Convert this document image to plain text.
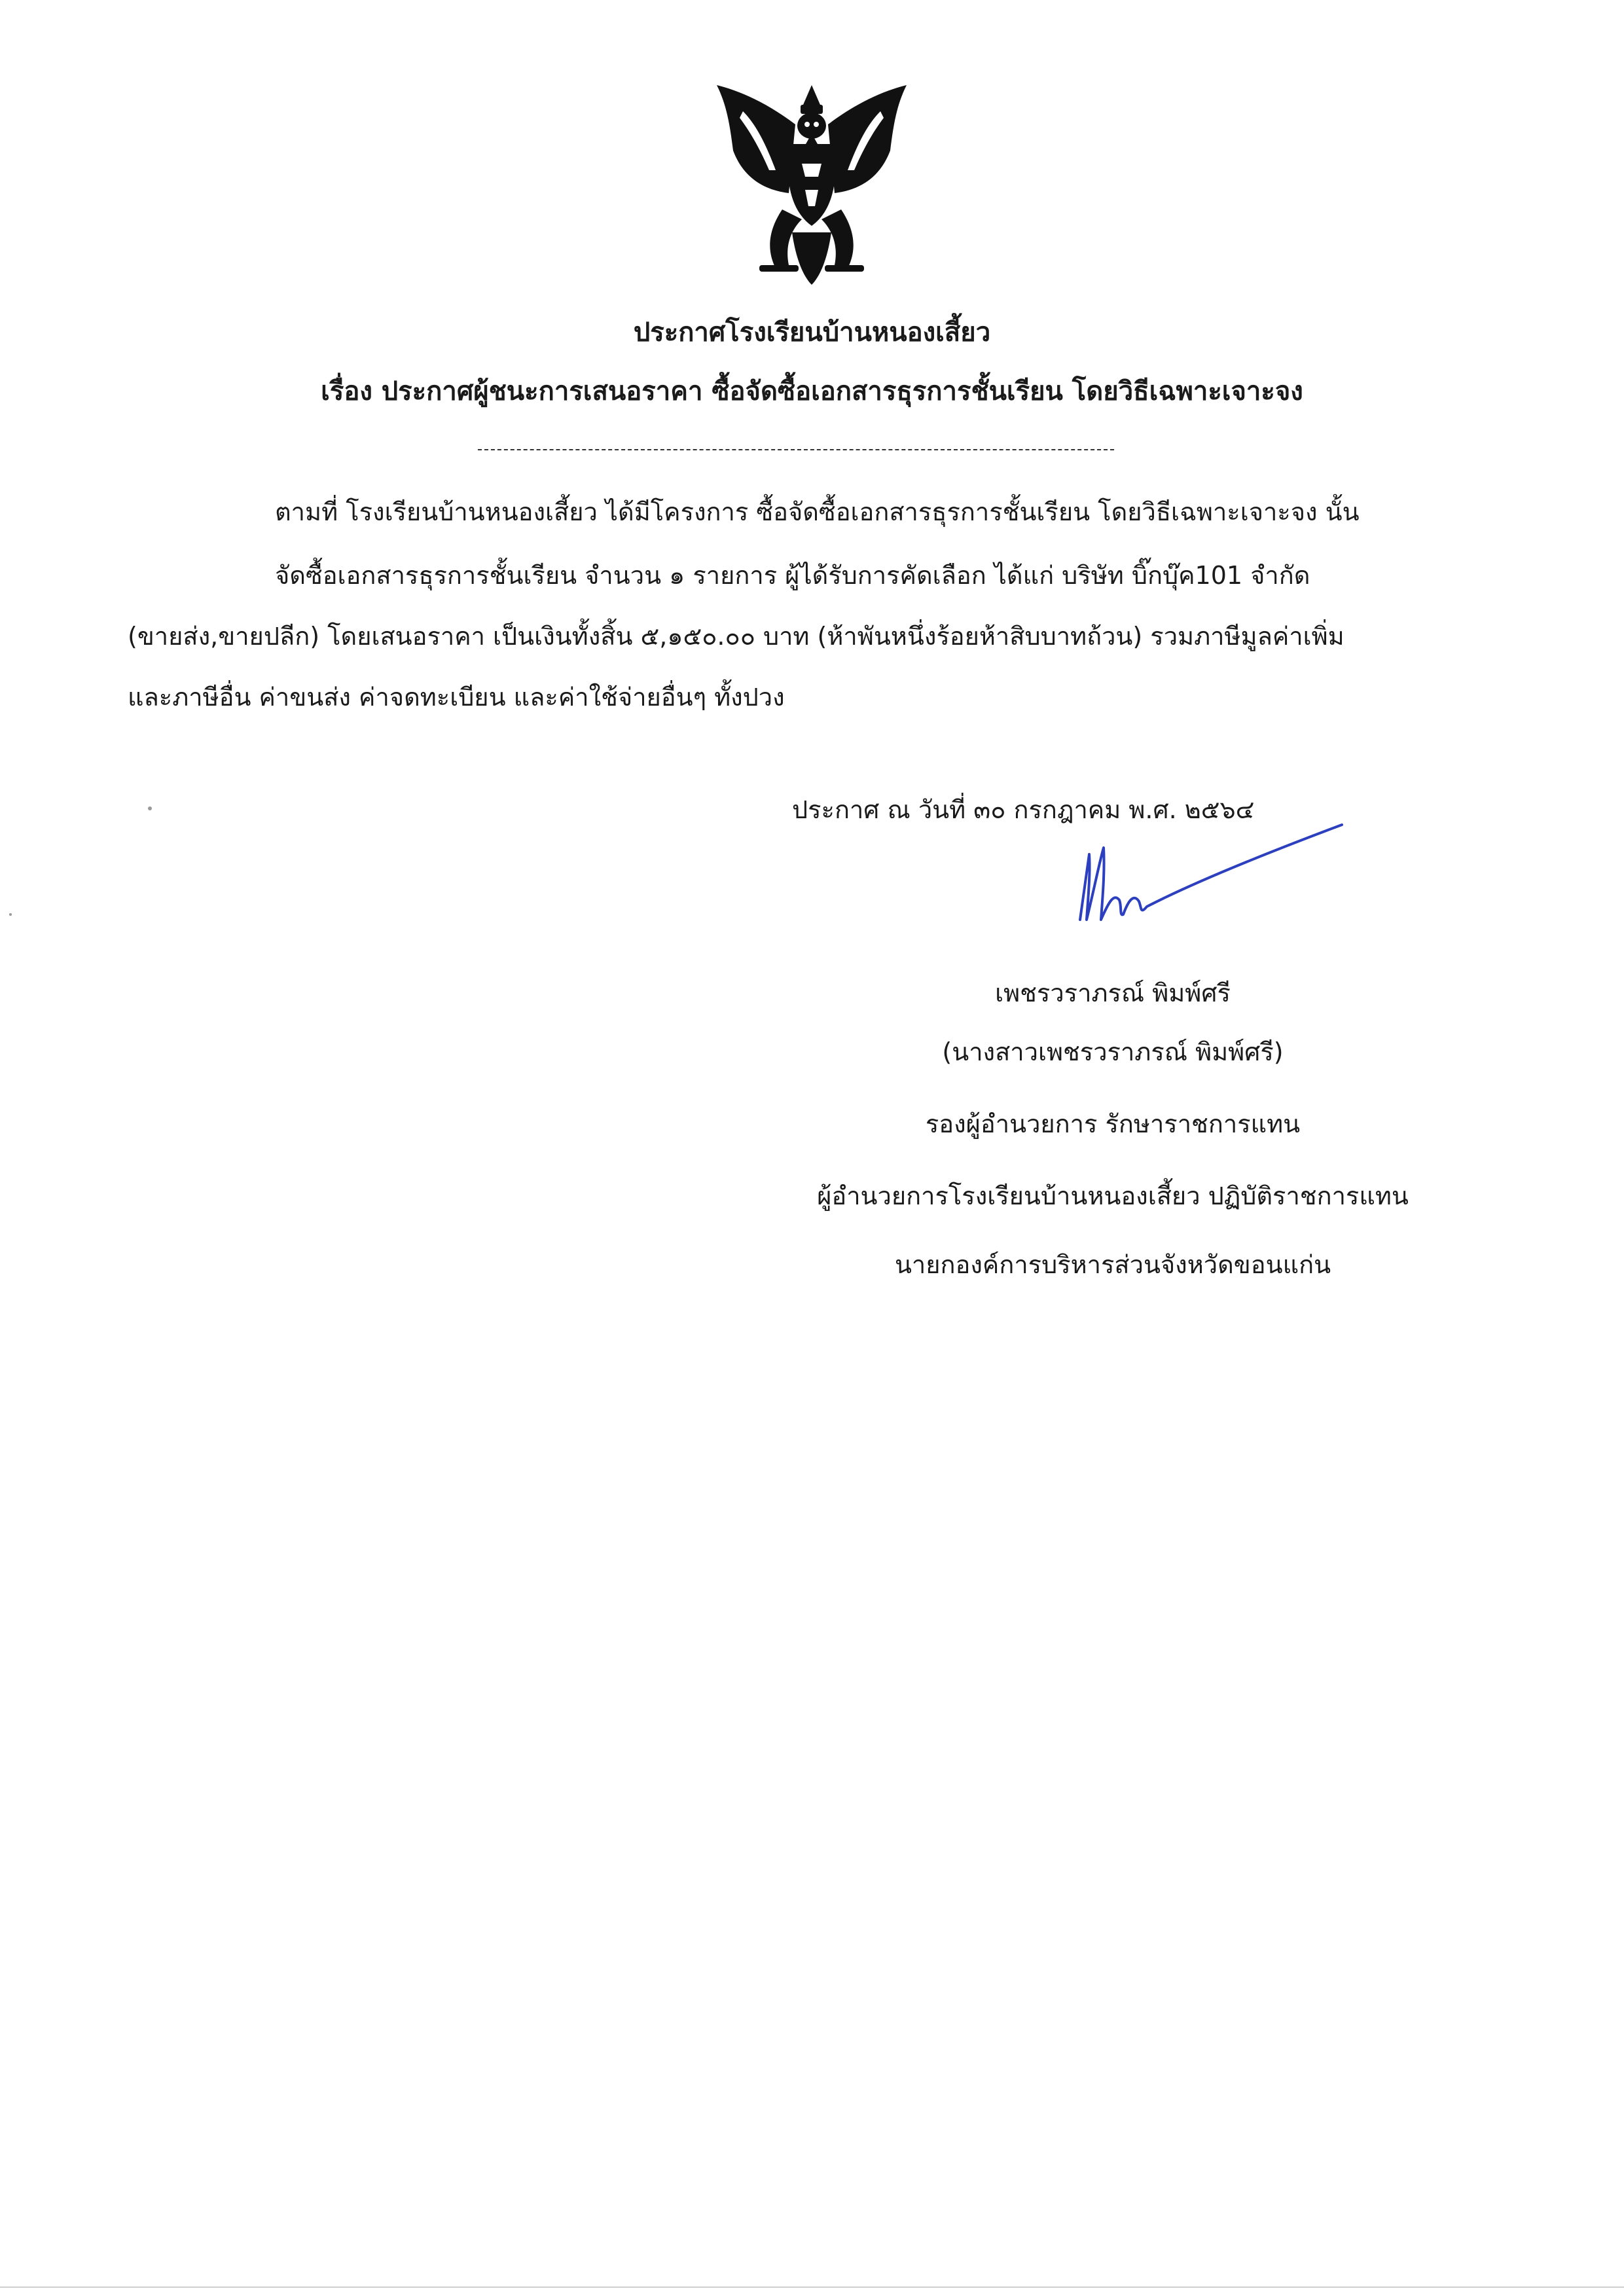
ประกาศโรงเรียนบ้านหนองเสี้ยว
เรื่อง ประกาศผู้ชนะการเสนอราคา ซื้อจัดซื้อเอกสารธุรการชั้นเรียน โดยวิธีเฉพาะเจาะจง
ตามที่ โรงเรียนบ้านหนองเสี้ยว ได้มีโครงการ ซื้อจัดซื้อเอกสารธุรการชั้นเรียน โดยวิธีเฉพาะเจาะจง นั้น
จัดซื้อเอกสารธุรการชั้นเรียน จำนวน ๑ รายการ ผู้ได้รับการคัดเลือก ได้แก่ บริษัท บิ๊กบุ๊ค101 จำกัด
(ขายส่ง,ขายปลีก) โดยเสนอราคา เป็นเงินทั้งสิ้น ๕,๑๕๐.๐๐ บาท (ห้าพันหนึ่งร้อยห้าสิบบาทถ้วน) รวมภาษีมูลค่าเพิ่ม
และภาษีอื่น ค่าขนส่ง ค่าจดทะเบียน และค่าใช้จ่ายอื่นๆ ทั้งปวง
ประกาศ ณ วันที่ ๓๐ กรกฎาคม พ.ศ. ๒๕๖๔
เพชรวราภรณ์ พิมพ์ศรี
(นางสาวเพชรวราภรณ์ พิมพ์ศรี)
รองผู้อำนวยการ รักษาราชการแทน
ผู้อำนวยการโรงเรียนบ้านหนองเสี้ยว ปฏิบัติราชการแทน
นายกองค์การบริหารส่วนจังหวัดขอนแก่น
